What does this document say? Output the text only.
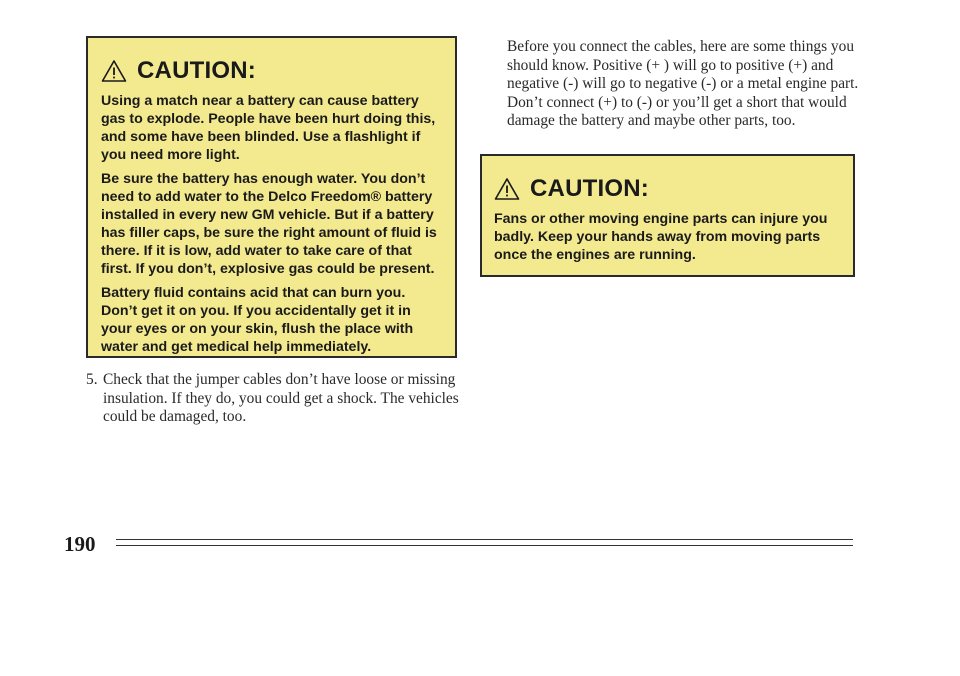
CAUTION:

Using a match near a battery can cause battery gas to explode. People have been hurt doing this, and some have been blinded. Use a flashlight if you need more light.

Be sure the battery has enough water. You don’t need to add water to the Delco Freedom® battery installed in every new GM vehicle. But if a battery has filler caps, be sure the right amount of fluid is there. If it is low, add water to take care of that first. If you don’t, explosive gas could be present.

Battery fluid contains acid that can burn you. Don’t get it on you. If you accidentally get it in your eyes or on your skin, flush the place with water and get medical help immediately.

Before you connect the cables, here are some things you should know. Positive (+ ) will go to positive (+) and negative (-) will go to negative (-) or a metal engine part. Don’t connect (+) to (-) or you’ll get a short that would damage the battery and maybe other parts, too.

CAUTION:

Fans or other moving engine parts can injure you badly. Keep your hands away from moving parts once the engines are running.

5. Check that the jumper cables don’t have loose or missing insulation. If they do, you could get a shock. The vehicles could be damaged, too.
190
